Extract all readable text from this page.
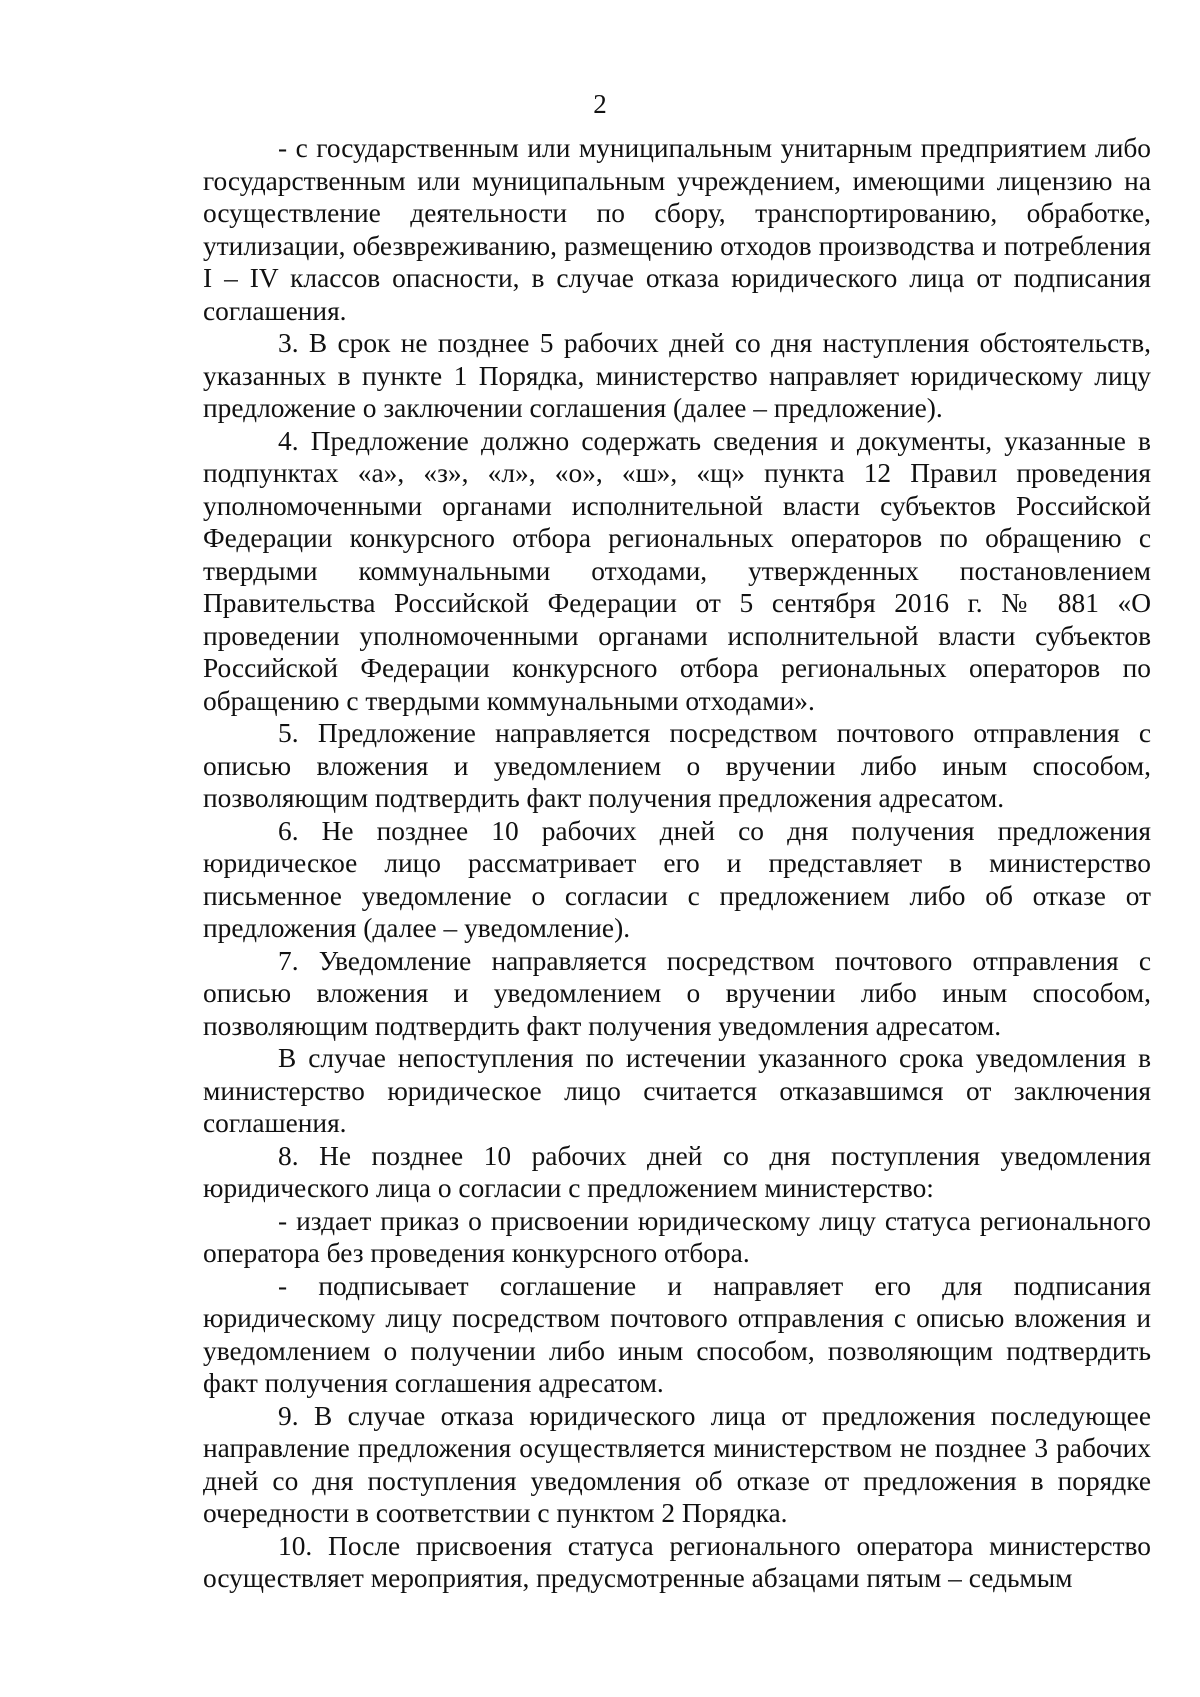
2

- с государственным или муниципальным унитарным предприятием либо государственным или муниципальным учреждением, имеющими лицензию на осуществление деятельности по сбору, транспортированию, обработке, утилизации, обезвреживанию, размещению отходов производства и потребления I – IV классов опасности, в случае отказа юридического лица от подписания соглашения.

3. В срок не позднее 5 рабочих дней со дня наступления обстоятельств, указанных в пункте 1 Порядка, министерство направляет юридическому лицу предложение о заключении соглашения (далее – предложение).

4. Предложение должно содержать сведения и документы, указанные в подпунктах «а», «з», «л», «о», «ш», «щ» пункта 12 Правил проведения уполномоченными органами исполнительной власти субъектов Российской Федерации конкурсного отбора региональных операторов по обращению с твердыми коммунальными отходами, утвержденных постановлением Правительства Российской Федерации от 5 сентября 2016 г. № 881 «О проведении уполномоченными органами исполнительной власти субъектов Российской Федерации конкурсного отбора региональных операторов по обращению с твердыми коммунальными отходами».

5. Предложение направляется посредством почтового отправления с описью вложения и уведомлением о вручении либо иным способом, позволяющим подтвердить факт получения предложения адресатом.

6. Не позднее 10 рабочих дней со дня получения предложения юридическое лицо рассматривает его и представляет в министерство письменное уведомление о согласии с предложением либо об отказе от предложения (далее – уведомление).

7. Уведомление направляется посредством почтового отправления с описью вложения и уведомлением о вручении либо иным способом, позволяющим подтвердить факт получения уведомления адресатом.

В случае непоступления по истечении указанного срока уведомления в министерство юридическое лицо считается отказавшимся от заключения соглашения.

8. Не позднее 10 рабочих дней со дня поступления уведомления юридического лица о согласии с предложением министерство:

- издает приказ о присвоении юридическому лицу статуса регионального оператора без проведения конкурсного отбора.

- подписывает соглашение и направляет его для подписания юридическому лицу посредством почтового отправления с описью вложения и уведомлением о получении либо иным способом, позволяющим подтвердить факт получения соглашения адресатом.

9. В случае отказа юридического лица от предложения последующее направление предложения осуществляется министерством не позднее 3 рабочих дней со дня поступления уведомления об отказе от предложения в порядке очередности в соответствии с пунктом 2 Порядка.

10. После присвоения статуса регионального оператора министерство осуществляет мероприятия, предусмотренные абзацами пятым – седьмым
